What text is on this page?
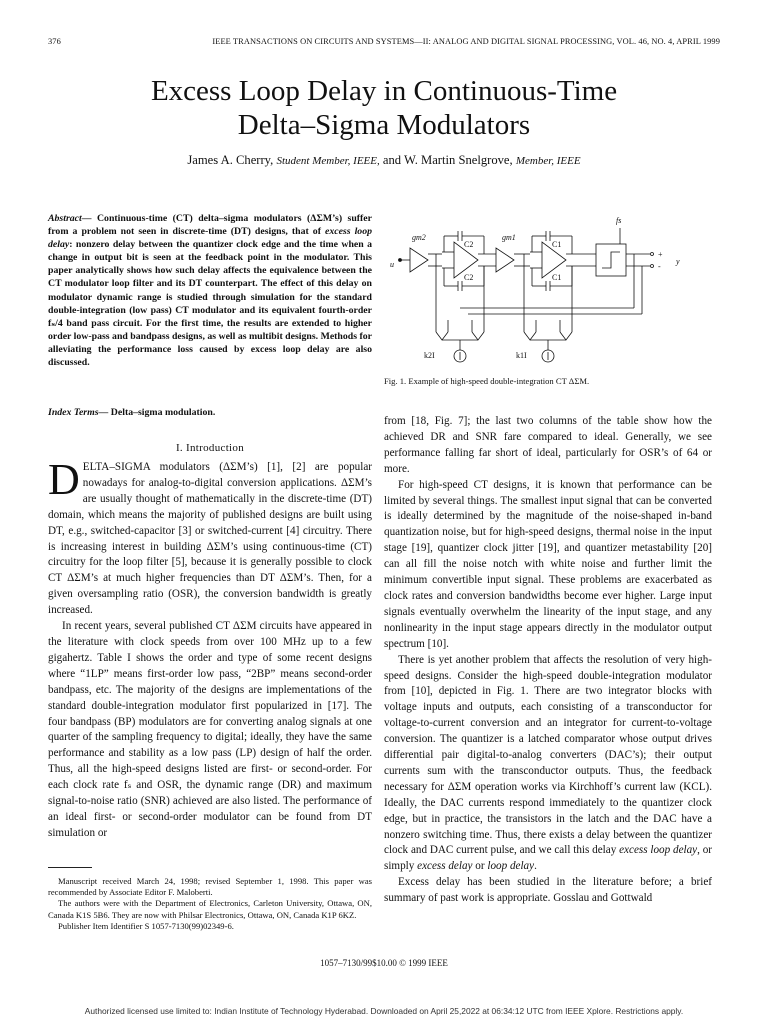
376	IEEE TRANSACTIONS ON CIRCUITS AND SYSTEMS—II: ANALOG AND DIGITAL SIGNAL PROCESSING, VOL. 46, NO. 4, APRIL 1999
Excess Loop Delay in Continuous-Time
Delta–Sigma Modulators
James A. Cherry, Student Member, IEEE, and W. Martin Snelgrove, Member, IEEE
Abstract— Continuous-time (CT) delta–sigma modulators (ΔΣM’s) suffer from a problem not seen in discrete-time (DT) designs, that of excess loop delay: nonzero delay between the quantizer clock edge and the time when a change in output bit is seen at the feedback point in the modulator. This paper analytically shows how such delay affects the equivalence between the CT modulator loop filter and its DT counterpart. The effect of this delay on modulator dynamic range is studied through simulation for the standard double-integration (low pass) CT modulator and its equivalent fourth-order fₛ/4 band pass circuit. For the first time, the results are extended to higher order low-pass and bandpass designs, as well as multibit designs. Methods for alleviating the performance loss caused by excess loop delay are also discussed.
Index Terms— Delta–sigma modulation.
I. Introduction

DELTA–SIGMA modulators (ΔΣM’s) [1], [2] are popular nowadays for analog-to-digital conversion applications. ΔΣM’s are usually thought of mathematically in the discrete-time (DT) domain, which means the majority of published designs are built using DT, e.g., switched-capacitor [3] or switched-current [4] circuitry. There is increasing interest in building ΔΣM’s using continuous-time (CT) circuitry for the loop filter [5], because it is generally possible to clock CT ΔΣM’s at much higher frequencies than DT ΔΣM’s. Then, for a given oversampling ratio (OSR), the conversion bandwidth is greatly increased.

In recent years, several published CT ΔΣM circuits have appeared in the literature with clock speeds from over 100 MHz up to a few gigahertz. Table I shows the order and type of some recent designs where “1LP” means first-order low pass, “2BP” means second-order bandpass, etc. The majority of the designs are implementations of the standard double-integration modulator first popularized in [17]. The four bandpass (BP) modulators are for converting analog signals at one quarter of the sampling frequency to digital; ideally, they have the same performance and stability as a low pass (LP) design of half the order. Thus, all the high-speed designs listed are first- or second-order. For each clock rate fₛ and OSR, the dynamic range (DR) and maximum signal-to-noise ratio (SNR) achieved are also listed. The performance of an ideal first- or second-order modulator can be found from DT simulation or

Manuscript received March 24, 1998; revised September 1, 1998. This paper was recommended by Associate Editor F. Maloberti.

The authors were with the Department of Electronics, Carleton University, Ottawa, ON, Canada K1S 5B6. They are now with Philsar Electronics, Ottawa, ON, Canada K1P 6KZ.

Publisher Item Identifier S 1057-7130(99)02349-6.

u
gm2
C2
C2
gm1
C1
C1
fs
+
-
y
k2I	k1I
Fig. 1. Example of high-speed double-integration CT ΔΣM.

from [18, Fig. 7]; the last two columns of the table show how the achieved DR and SNR fare compared to ideal. Generally, we see performance falling far short of ideal, particularly for OSR’s of 64 or more.

For high-speed CT designs, it is known that performance can be limited by several things. The smallest input signal that can be converted is ideally determined by the magnitude of the noise-shaped in-band quantization noise, but for high-speed designs, thermal noise in the input stage [19], quantizer clock jitter [19], and quantizer metastability [20] can all fill the noise notch with white noise and further limit the minimum convertible input signal. These problems are exacerbated as clock rates and conversion bandwidths become ever higher. Large input signals eventually overwhelm the linearity of the input stage, and any nonlinearity in the input stage appears directly in the modulator output spectrum [10].

There is yet another problem that affects the resolution of very high-speed designs. Consider the high-speed double-integration modulator from [10], depicted in Fig. 1. There are two integrator blocks with voltage inputs and outputs, each consisting of a transconductor for voltage-to-current conversion and an integrator for current-to-voltage conversion. The quantizer is a latched comparator whose output drives differential pair digital-to-analog converters (DAC’s); their output currents sum with the transconductor outputs. Thus, the feedback necessary for ΔΣM operation works via Kirchhoff’s current law (KCL). Ideally, the DAC currents respond immediately to the quantizer clock edge, but in practice, the transistors in the latch and the DAC have a nonzero switching time. Thus, there exists a delay between the quantizer clock and DAC current pulse, and we call this delay excess loop delay, or simply excess delay or loop delay.

Excess delay has been studied in the literature before; a brief summary of past work is appropriate. Gosslau and Gottwald

1057–7130/99$10.00 © 1999 IEEE
Authorized licensed use limited to: Indian Institute of Technology Hyderabad. Downloaded on April 25,2022 at 06:34:12 UTC from IEEE Xplore. Restrictions apply.
